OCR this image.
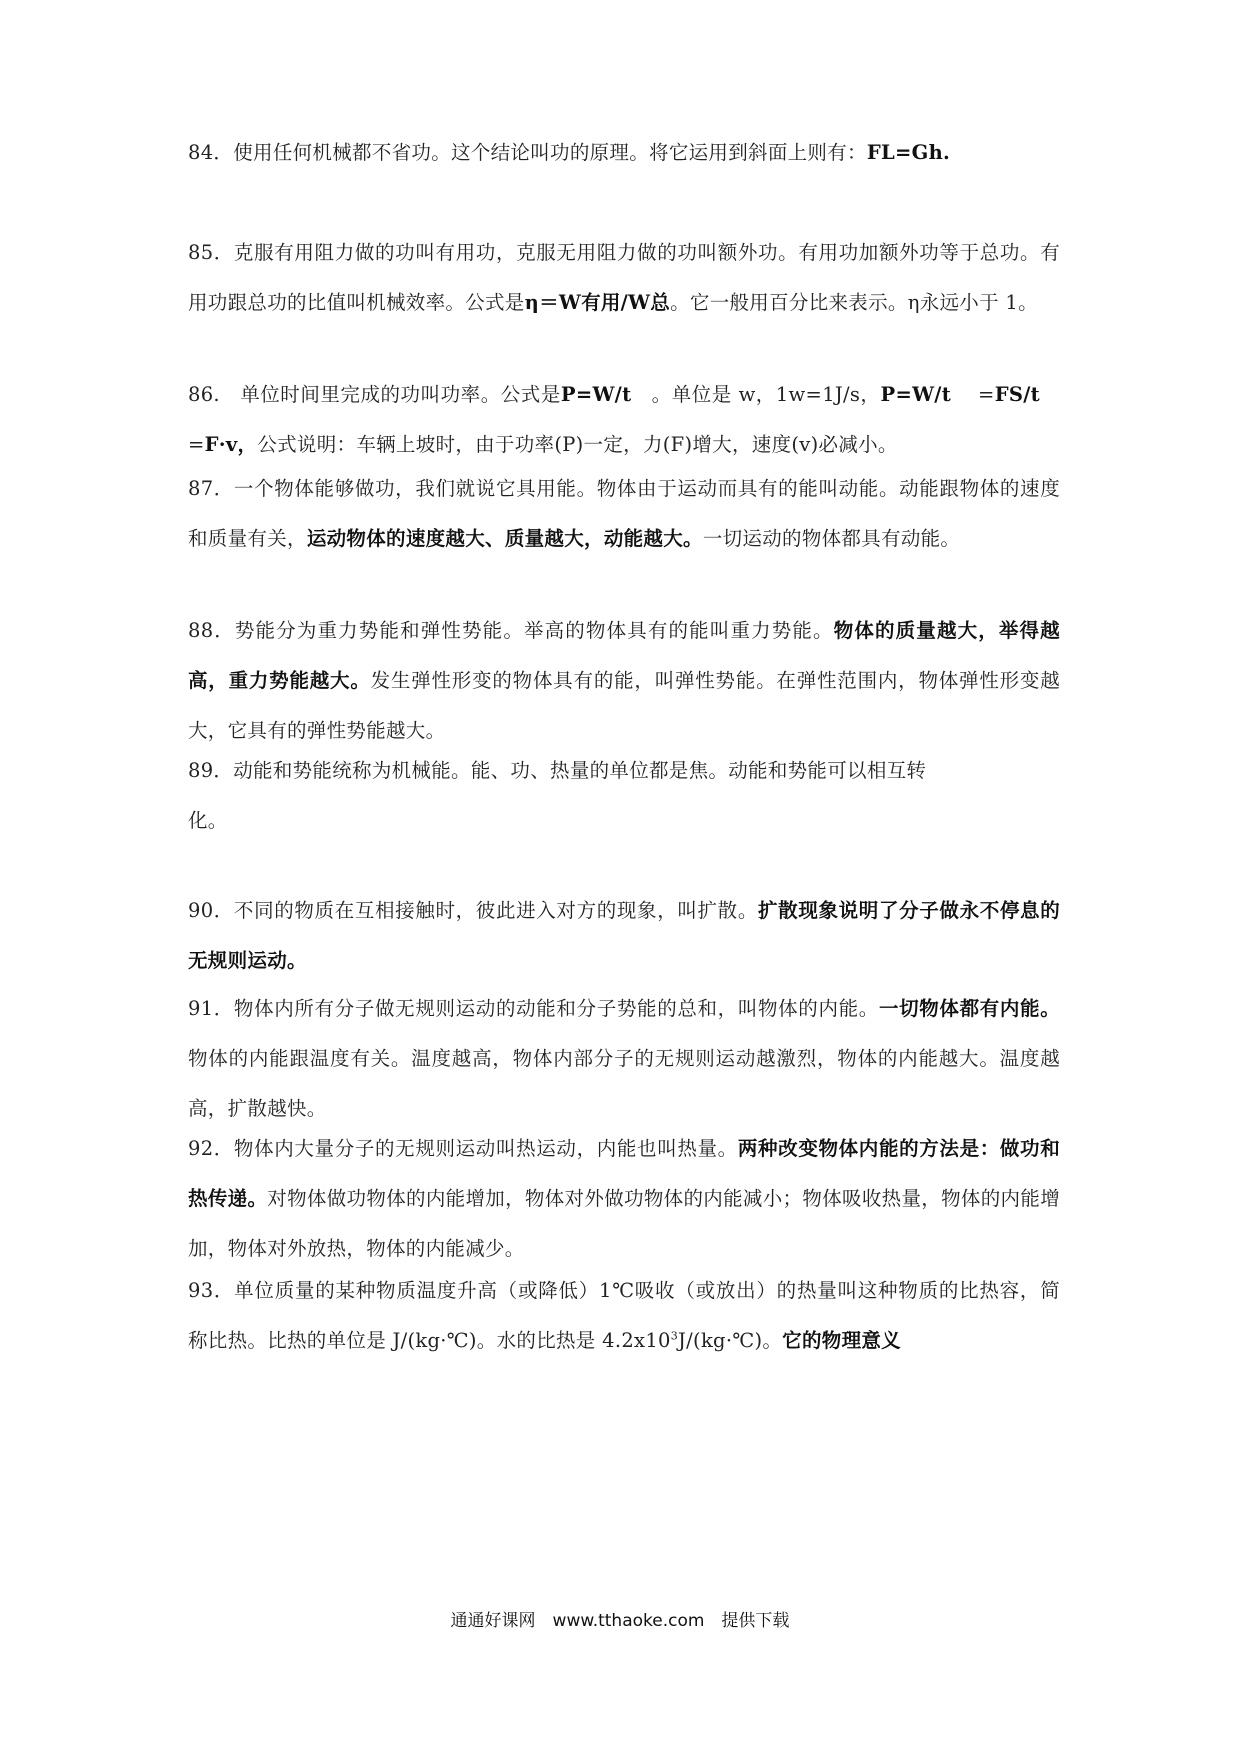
84．使用任何机械都不省功。这个结论叫功的原理。将它运用到斜面上则有：FL=Gh.

85．克服有用阻力做的功叫有用功，克服无用阻力做的功叫额外功。有用功加额外功等于总功。有用功跟总功的比值叫机械效率。公式是η＝W有用/W总。它一般用百分比来表示。η永远小于 1。

86.　单位时间里完成的功叫功率。公式是P=W/t　。单位是 w，1w=1J/s，P=W/t　 =FS/t　 =F·v，公式说明：车辆上坡时，由于功率(P)一定，力(F)增大，速度(v)必减小。

87．一个物体能够做功，我们就说它具用能。物体由于运动而具有的能叫动能。动能跟物体的速度和质量有关，运动物体的速度越大、质量越大，动能越大。一切运动的物体都具有动能。

88．势能分为重力势能和弹性势能。举高的物体具有的能叫重力势能。物体的质量越大，举得越高，重力势能越大。发生弹性形变的物体具有的能，叫弹性势能。在弹性范围内，物体弹性形变越大，它具有的弹性势能越大。

89．动能和势能统称为机械能。能、功、热量的单位都是焦。动能和势能可以相互转
化。

90．不同的物质在互相接触时，彼此进入对方的现象，叫扩散。扩散现象说明了分子做永不停息的无规则运动。

91．物体内所有分子做无规则运动的动能和分子势能的总和，叫物体的内能。一切物体都有内能。物体的内能跟温度有关。温度越高，物体内部分子的无规则运动越激烈，物体的内能越大。温度越高，扩散越快。

92．物体内大量分子的无规则运动叫热运动，内能也叫热量。两种改变物体内能的方法是：做功和热传递。对物体做功物体的内能增加，物体对外做功物体的内能减小；物体吸收热量，物体的内能增加，物体对外放热，物体的内能减少。

93．单位质量的某种物质温度升高（或降低）1℃吸收（或放出）的热量叫这种物质的比热容，简称比热。比热的单位是 J/(kg·℃)。水的比热是 $4.2x10^3J/(kg\cdot℃)$。它的物理意义

通通好课网　www.tthaoke.com　提供下载
